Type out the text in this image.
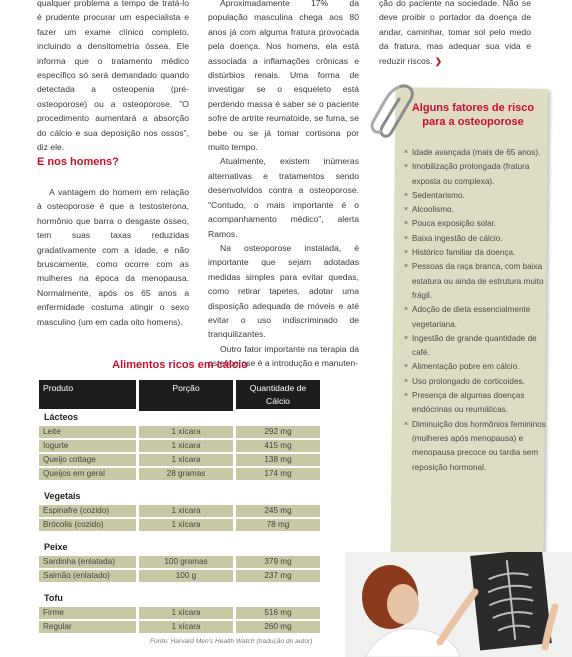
qualquer problema a tempo de tratá-lo é prudente procurar um especialista e fazer um exame clínico completo, incluindo a densitometria óssea. Ele informa que o tratamento médico específico só será demandado quando detectada a osteopenia (pré-osteoporose) ou a osteoporose. "O procedimento aumentará a absorção do cálcio e sua deposição nos ossos", diz ele.

E nos homens?

A vantagem do homem em relação à osteoporose é que a testosterona, hormônio que barra o desgaste ósseo, tem suas taxas reduzidas gradativamente com a idade, e não bruscamente, como ocorre com as mulheres na época da menopausa. Normalmente, após os 65 anos a enfermidade costuma atingir o sexo masculino (um em cada oito homens).

Aproximadamente 17% da população masculina chega aos 80 anos já com alguma fratura provocada pela doença. Nos homens, ela está associada a inflamações crônicas e distúrbios renais. Uma forma de investigar se o esqueleto está perdendo massa é saber se o paciente sofre de artrite reumatoide, se fuma, se bebe ou se já tomar cortisona por muito tempo.

Atualmente, existem inúmeras alternativas e tratamentos sendo desenvolvidos contra a osteoporose. "Contudo, o mais importante é o acompanhamento médico", alerta Ramos.

Na osteoporose instalada, é importante que sejam adotadas medidas simples para evitar quedas, como retirar tapetes, adotar uma disposição adequada de móveis e até evitar o uso indiscriminado de tranquilizantes.

Outro fator importante na terapia da osteoporose é a introdução e manuten-

ção do paciente na sociedade. Não se deve proibir o portador da doença de andar, caminhar, tomar sol pelo medo da fratura, mas adequar sua vida e reduzir riscos. ❯

Alguns fatores de risco para a osteoporose
× Idade avançada (mais de 65 anos).
× Imobilização prolongada (fratura exposta ou complexa).
× Sedentarismo.
× Alcoolismo.
× Pouca exposição solar.
× Baixa ingestão de cálcio.
× Histórico familiar da doença.
× Pessoas da raça branca, com baixa estatura ou ainda de estrutura muito frágil.
× Adoção de dieta essencialmente vegetariana.
× Ingestão de grande quantidade de café.
× Alimentação pobre em cálcio.
× Uso prolongado de corticoides.
× Presença de algumas doenças endócrinas ou reumáticas.
× Diminuição dos hormônios femininos (mulheres após menopausa) e menopausa precoce ou tardia sem reposição hormonal.
Alimentos ricos em cálcio
Produto	Porção	Quantidade de Cálcio
Lácteos
Leite	1 xícara	292 mg
Iogurte	1 xícara	415 mg
Queijo cottage	1 xícara	138 mg
Queijos em geral	28 gramas	174 mg
Vegetais
Espinafre (cozido)	1 xícara	245 mg
Brócolis (cozido)	1 xícara	78 mg
Peixe
Sardinha (enlatada)	100 gramas	379 mg
Salmão (enlatado)	100 g	237 mg
Tofu
Firme	1 xícara	516 mg
Regular	1 xícara	260 mg
Fonte: Harvard Men's Health Watch (tradução do autor)
